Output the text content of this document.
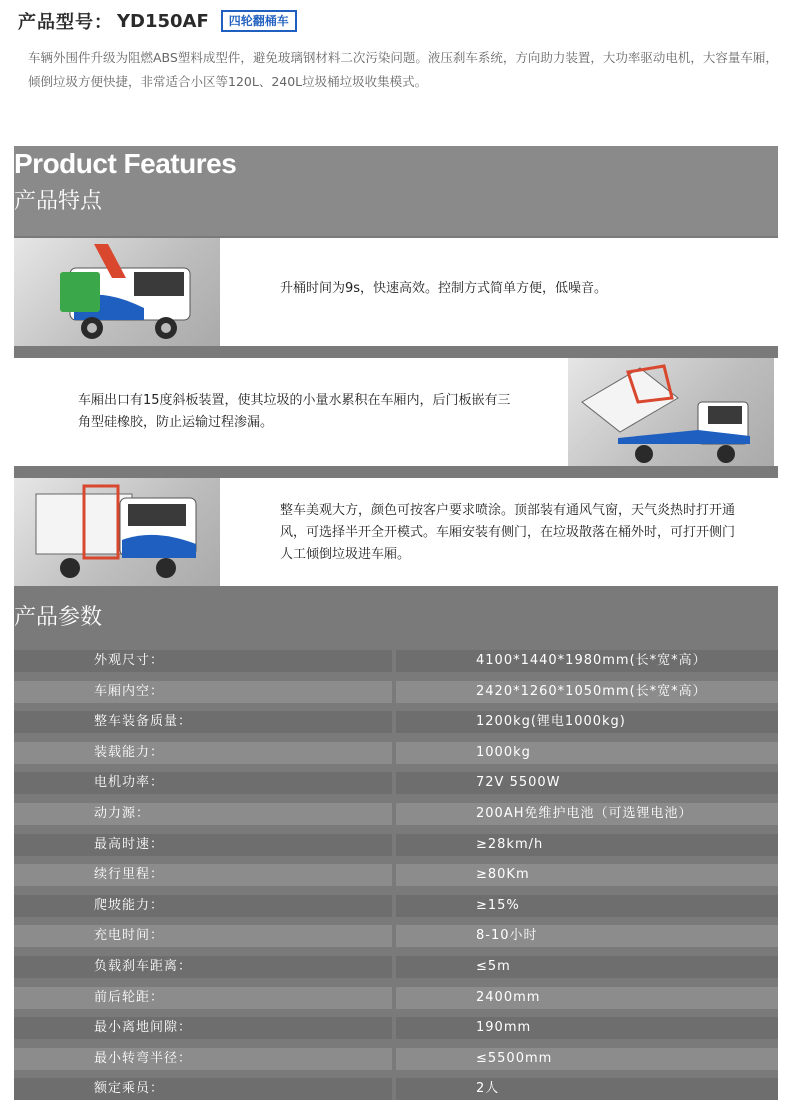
产品型号： YD150AF	四轮翻桶车
车辆外围件升级为阻燃ABS塑料成型件，避免玻璃钢材料二次污染问题。液压刹车系统，方向助力装置，大功率驱动电机，大容量车厢，倾倒垃圾方便快捷，非常适合小区等120L、240L垃圾桶垃圾收集模式。
Product Features
产品特点
升桶时间为9s，快速高效。控制方式简单方便，低噪音。
车厢出口有15度斜板装置，使其垃圾的小量水累积在车厢内，后门板嵌有三角型硅橡胶，防止运输过程渗漏。
整车美观大方，颜色可按客户要求喷涂。顶部装有通风气窗，天气炎热时打开通风，可选择半开全开模式。车厢安装有侧门，在垃圾散落在桶外时，可打开侧门人工倾倒垃圾进车厢。
产品参数
外观尺寸：	4100*1440*1980mm(长*宽*高）
车厢内空：	2420*1260*1050mm(长*宽*高）
整车装备质量：	1200kg(锂电1000kg)
装载能力：	1000kg
电机功率：	72V 5500W
动力源：	200AH免维护电池（可选锂电池）
最高时速：	≥28km/h
续行里程：	≥80Km
爬坡能力：	≥15%
充电时间：	8-10小时
负载刹车距离：	≤5m
前后轮距：	2400mm
最小离地间隙：	190mm
最小转弯半径：	≤5500mm
额定乘员：	2人
